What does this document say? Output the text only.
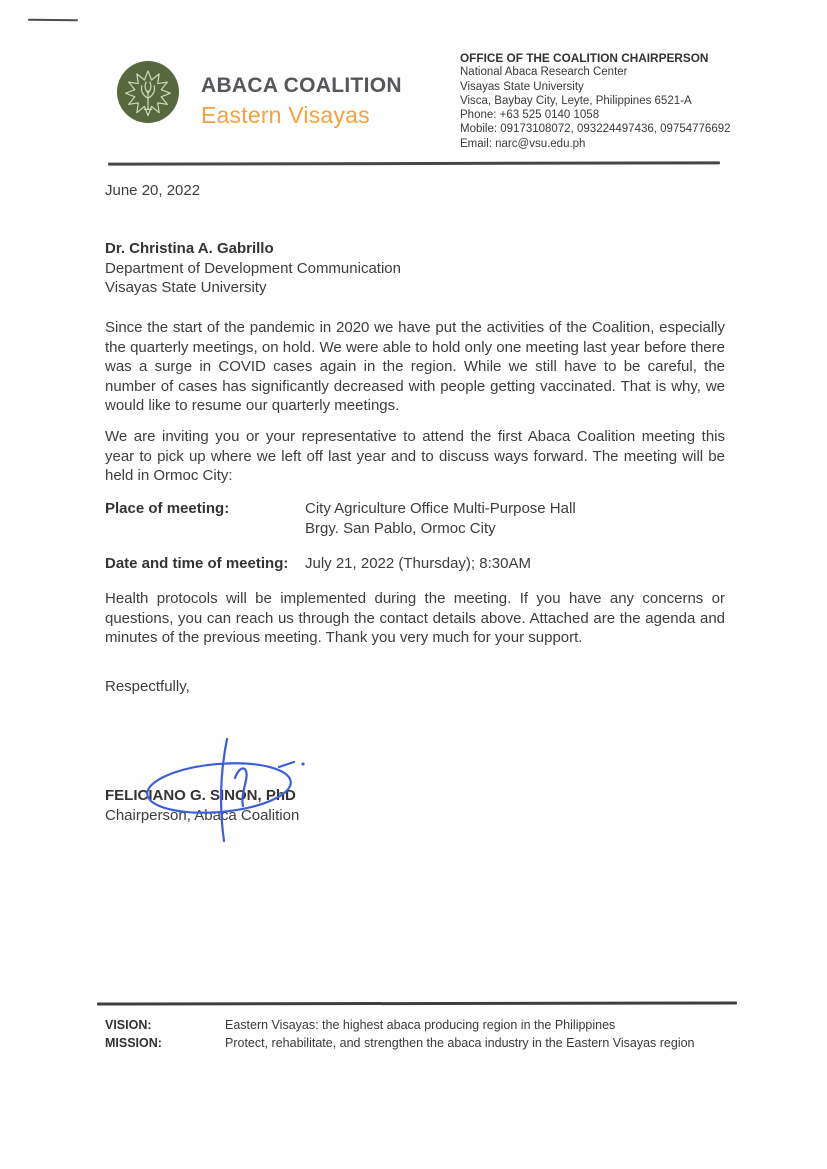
ABACA COALITION
Eastern Visayas
OFFICE OF THE COALITION CHAIRPERSON
National Abaca Research Center
Visayas State University
Visca, Baybay City, Leyte, Philippines 6521-A
Phone: +63 525 0140 1058
Mobile: 09173108072, 093224497436, 09754776692
Email: narc@vsu.edu.ph
June 20, 2022
Dr. Christina A. Gabrillo
Department of Development Communication
Visayas State University
Since the start of the pandemic in 2020 we have put the activities of the Coalition, especially the quarterly meetings, on hold. We were able to hold only one meeting last year before there was a surge in COVID cases again in the region. While we still have to be careful, the number of cases has significantly decreased with people getting vaccinated. That is why, we would like to resume our quarterly meetings.
We are inviting you or your representative to attend the first Abaca Coalition meeting this year to pick up where we left off last year and to discuss ways forward. The meeting will be held in Ormoc City:
Place of meeting:	City Agriculture Office Multi-Purpose Hall
Brgy. San Pablo, Ormoc City
Date and time of meeting:	July 21, 2022 (Thursday); 8:30AM
Health protocols will be implemented during the meeting. If you have any concerns or questions, you can reach us through the contact details above. Attached are the agenda and minutes of the previous meeting. Thank you very much for your support.
Respectfully,
FELICIANO G. SINON, PhD
Chairperson, Abaca Coalition
VISION:	Eastern Visayas: the highest abaca producing region in the Philippines
MISSION:	Protect, rehabilitate, and strengthen the abaca industry in the Eastern Visayas region
